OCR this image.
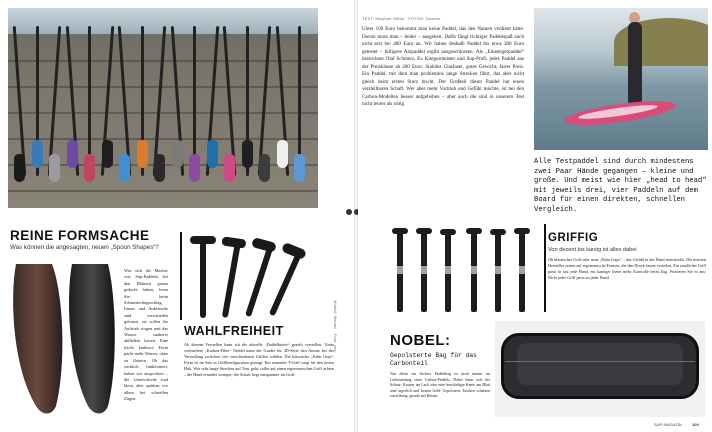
REINE FORMSACHE
Was können die angesagten, neuen „Spoon Shapes“?
Was sich die Macher von Sup-Paddeln bei den Blättern genau gedacht haben, lesen Sie: beim Schmetterlingsschlag, Innen- und Außenseite sind verschieden geformt, sie sollen für Auftrieb sorgen und das Wasser sauberer abfließen lassen. Eine leicht konkave Form packt mehr Wasser, ohne zu flattern. Ob das wirklich funktioniert, haben wir ausprobiert – die Unterschiede sind klein, aber spürbar, vor allem bei schnellen Zügen.
WAHLFREIHEIT
Ab diesem Verstellen kann ich die aktuelle „Paddelbreite“ gezielt verstellen. Unter verlustfreie „Karbon-Fiber“ Paddel kann der Guider für 3D-Serie den Ansatz bei der Verstellung zwischen vier verschiedenen Griffen wählen. Die klassische „Palm Grip“-Form ist im Sets in Griffkonfiguration gezeigt. Ein normaler T-Griff sorgt für den festen Halt. Wer sehr lange Strecken auf Tour geht, sollte auf einen ergonomischen Griff achten – die Hand ermüdet weniger, der Schaft liegt entspannter im Griff.
Modell: Mosaic · Foto: xxx
TEXT: Stephan Gölitz · FOTOS: Diverse
Unter 100 Euro bekommt man keine Paddel, das den Namen verdient hätte. Davon muss man – leider – ausgehen. Dafür fängt richtiger Paddelspaß auch nicht erst bei 400 Euro an. Wir haben deshalb Paddel bis etwa 300 Euro getestet – billigere Alupaddel ergibt ausgeschlossen. Als „Einsteigerpaddel“ bezeichnet Olaf Schmerz, Ex Kitegurmeister und Sup-Profi, jedes Paddel aus der Preisklasse ab 200 Euro: Stabiles Glasfaser, gutes Gewicht, fairer Preis. Ein Paddel, mit dem man problemlos lange Strecken fährt, das aber nicht gleich beim ersten Sturz bricht. Der Großteil dieser Paddel hat einen verstellbaren Schaft. Wer aber mehr Vortrieb und Gefühl möchte, ist bei den Carbon-Modellen besser aufgehoben – aber auch die sind in unserem Test nicht teurer als nötig.
Alle Testpaddel sind durch mindestens zwei Paar Hände gegangen – kleine und große. Und meist wie hier „head to head“ mit jeweils drei, vier Paddeln auf dem Board für einen direkten, schnellen Vergleich.
GRIFFIG
Von dezent bis kantig ist alles dabei
Ob klassischer Griff oder neue „Palm Grips“ – das Gefühl in der Hand entscheidet. Die meisten Hersteller setzen auf ergonomische Formen, die den Druck besser verteilen. Ein rundlicher Griff passt in fast jede Hand, ein kantiger bietet mehr Kontrolle beim Zug. Probieren Sie es aus: Nicht jeder Griff passt zu jeder Hand.
NOBEL:
Gepolsterte Bag für das Carbonteil
Nur allein ein leichter Paddelbag ist nicht immer im Lieferumfang eines Carbon-Paddels. Dabei lohnt sich der Schutz: Kratzer im Lack oder eine beschädigte Kante am Blatt sind ärgerlich und kosten Geld. Gepolsterte Taschen schützen zuverlässig, gerade auf Reisen.
SUP-MAGAZIN	109
